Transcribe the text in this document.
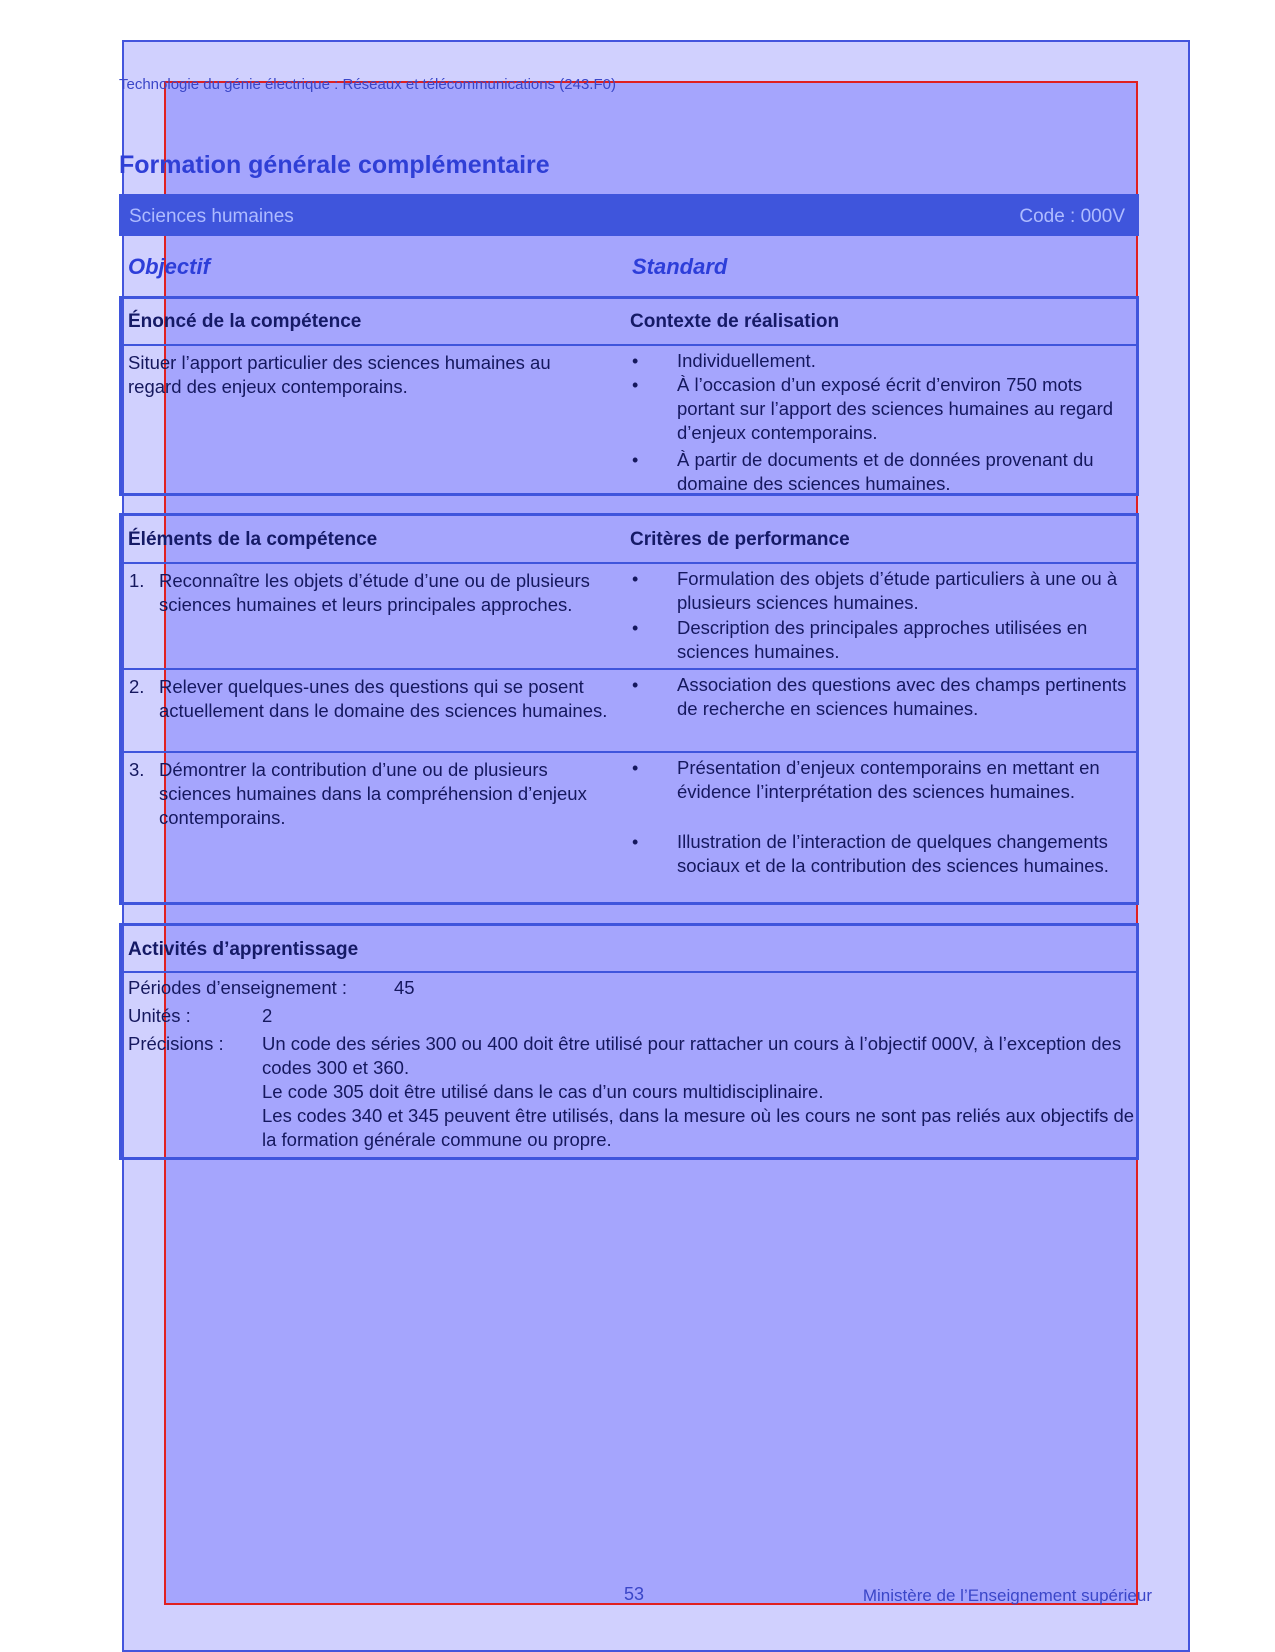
Technologie du génie électrique : Réseaux et télécommunications (243.F0)
Formation générale complémentaire
Sciences humaines	Code : 000V
Objectif	Standard
Énoncé de la compétence	Contexte de réalisation
Situer l’apport particulier des sciences humaines au regard des enjeux contemporains.
•	Individuellement.
•	À l’occasion d’un exposé écrit d’environ 750 mots portant sur l’apport des sciences humaines au regard d’enjeux contemporains.
•	À partir de documents et de données provenant du domaine des sciences humaines.
Éléments de la compétence	Critères de performance
1. Reconnaître les objets d’étude d’une ou de plusieurs sciences humaines et leurs principales approches.
•	Formulation des objets d’étude particuliers à une ou à plusieurs sciences humaines.
•	Description des principales approches utilisées en sciences humaines.
2. Relever quelques-unes des questions qui se posent actuellement dans le domaine des sciences humaines.
•	Association des questions avec des champs pertinents de recherche en sciences humaines.
3. Démontrer la contribution d’une ou de plusieurs sciences humaines dans la compréhension d’enjeux contemporains.
•	Présentation d’enjeux contemporains en mettant en évidence l’interprétation des sciences humaines.
•	Illustration de l’interaction de quelques changements sociaux et de la contribution des sciences humaines.
Activités d’apprentissage
Périodes d’enseignement :	45
Unités :	2
Précisions : Un code des séries 300 ou 400 doit être utilisé pour rattacher un cours à l’objectif 000V, à l’exception des codes 300 et 360.
Le code 305 doit être utilisé dans le cas d’un cours multidisciplinaire.
Les codes 340 et 345 peuvent être utilisés, dans la mesure où les cours ne sont pas reliés aux objectifs de la formation générale commune ou propre.
53	Ministère de l’Enseignement supérieur
